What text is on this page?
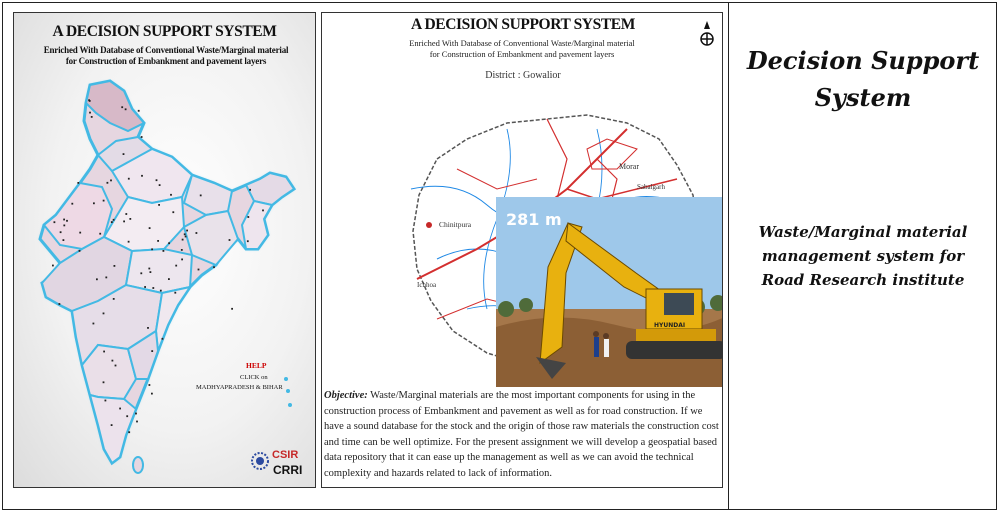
A DECISION SUPPORT SYSTEM
Enriched With Database of Conventional Waste/Marginal material
for Construction of Embankment and pavement layers
HELP
CLICK on
MADHYAPRADESH & BIHAR
CSIR
CRRI
A DECISION SUPPORT SYSTEM
Enriched With Database of Conventional Waste/Marginal material
for Construction of Embankment and pavement layers
District : Gowalior
Morar
Chinitpura
Sabalgarh
Ichhoa
281 m
HYUNDAI
Objective: Waste/Marginal materials are the most important components for using in the construction process of Embankment and pavement as well as for road construction. If we have a sound database for the stock and the origin of those raw materials the construction cost and time can be well optimize. For the present assignment we will develop a geospatial based data repository that it can ease up the management as well as we can avoid the technical complexity and hazards related to lack of information.
Decision Support
System
Waste/Marginal material
management system for
Road Research institute
